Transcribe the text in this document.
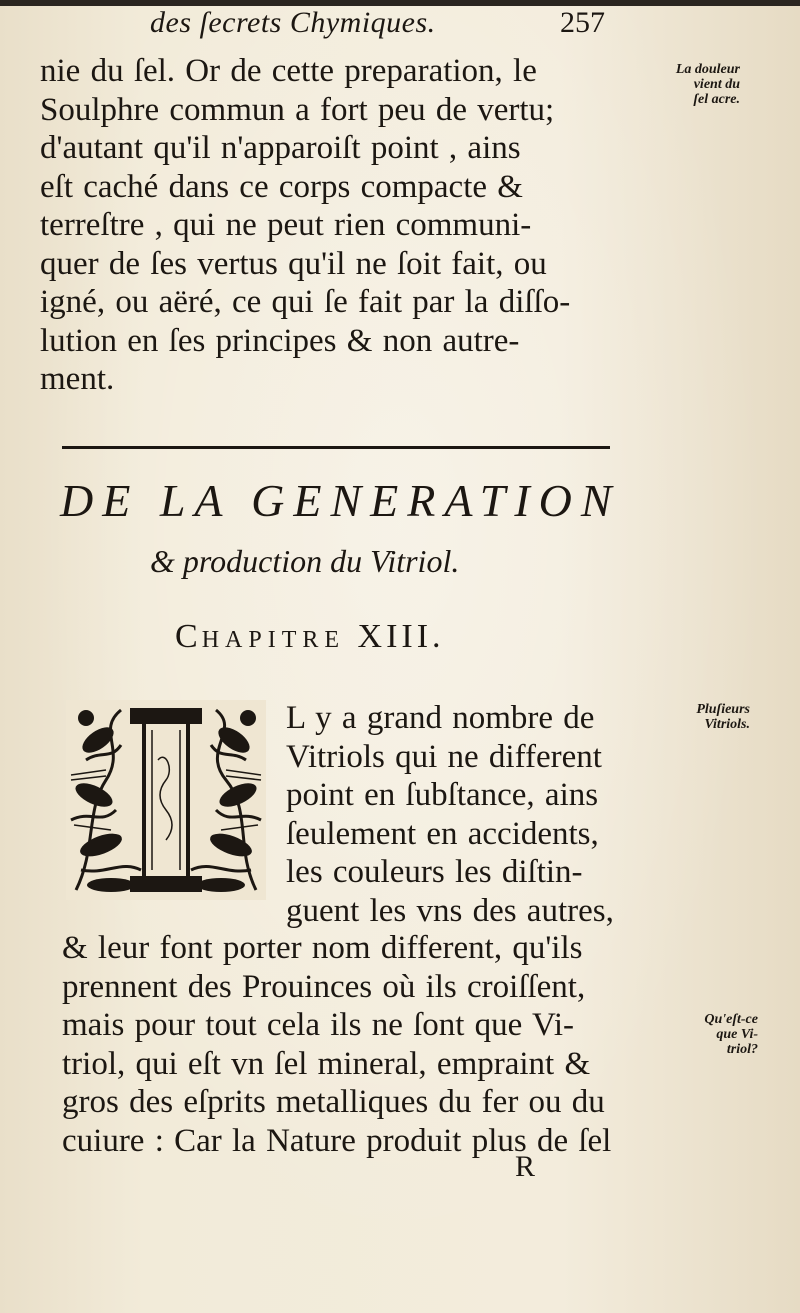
des ſecrets Chymiques.	257
nie du ſel. Or de cette preparation, le
Soulphre commun a fort peu de vertu;
d'autant qu'il n'apparoiſt point , ains
eſt caché dans ce corps compacte &
terreſtre , qui ne peut rien communi-
quer de ſes vertus qu'il ne ſoit fait, ou
igné, ou aëré, ce qui ſe fait par la diſſo-
lution en ſes principes & non autre-
ment.
La douleur
vient du
ſel acre.
DE LA GENERATION
& production du Vitriol.
CHAPITRE XIII.
L y a grand nombre de
Vitriols qui ne different
point en ſubſtance, ains
ſeulement en accidents,
les couleurs les diſtin-
guent les vns des autres,
& leur font porter nom different, qu'ils
prennent des Prouinces où ils croiſſent,
mais pour tout cela ils ne ſont que Vi-
triol, qui eſt vn ſel mineral, empraint &
gros des eſprits metalliques du fer ou du
cuiure : Car la Nature produit plus de ſel
Pluſieurs
Vitriols.
Qu'eſt-ce
que Vi-
triol?
R
